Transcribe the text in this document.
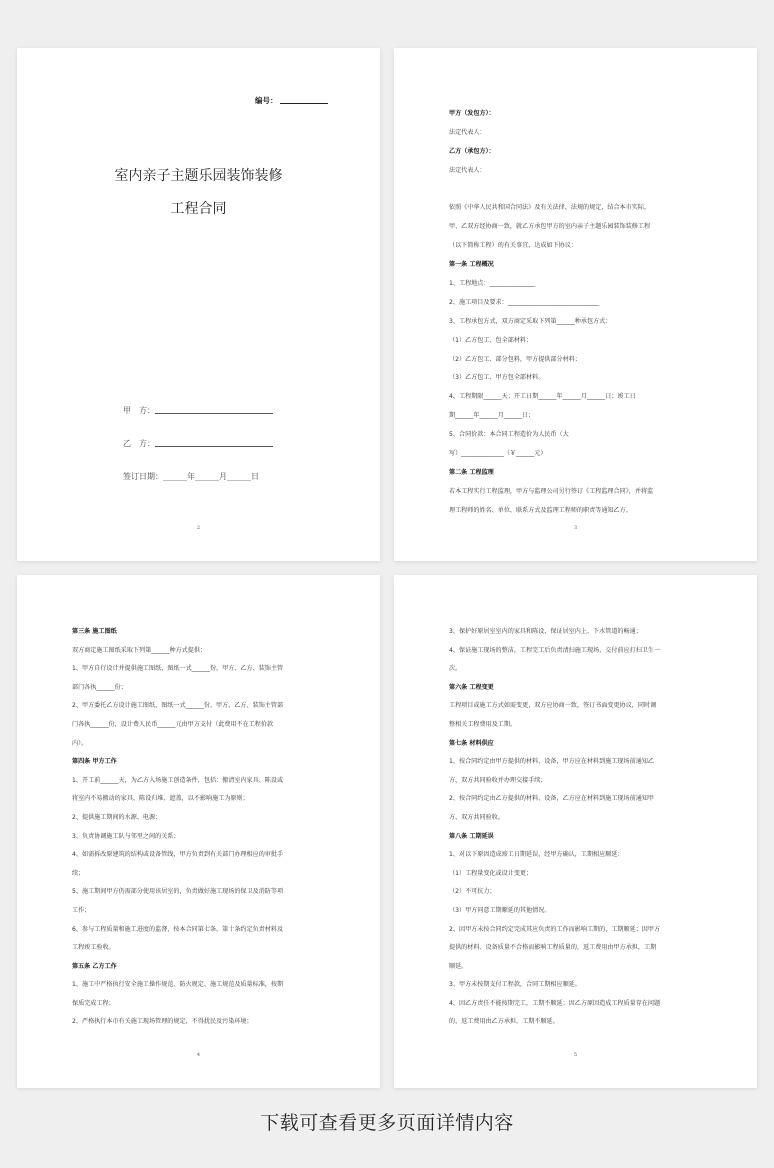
编号：
室内亲子主题乐园装饰装修
工程合同
甲　方：
乙　方：
签订日期：______年______月______日
2
甲方（发包方）：
法定代表人：
乙方（承包方）：
法定代表人：
依照《中华人民共和国合同法》及有关法律、法规的规定，结合本市实际，
甲、乙双方经协商一致，就乙方承包甲方的室内亲子主题乐园装饰装修工程
（以下简称工程）的有关事宜，达成如下协议：
第一条 工程概况
1、工程地点：_______________
2、施工项目及要求：______________________________
3、工程承包方式，双方商定采取下列第______种承包方式：
（1）乙方包工、包全部材料；
（2）乙方包工、部分包料，甲方提供部分材料；
（3）乙方包工、甲方包全部材料。
4、工程期限______天；开工日期______年______月______日；竣工日
期______年______月______日；
5、合同价款：本合同工程造价为人民币（大
写）______________（￥______元）
第二条 工程监理
若本工程实行工程监理，甲方与监理公司另行签订《工程监理合同》，并将监
理工程师的姓名、单位、联系方式及监理工程师的职责等通知乙方。
3
第三条 施工图纸
双方商定施工图纸采取下列第______种方式提供：
1、甲方自行设计并提供施工图纸，图纸一式______份，甲方、乙方、装饰主管
部门各执______份；
2、甲方委托乙方设计施工图纸，图纸一式______份，甲方、乙方、装饰主管部
门各执______份，设计费人民币______元由甲方支付（此费用不在工程价款
内）。
第四条 甲方工作
1、开工前______天，为乙方入场施工创造条件，包括：搬清室内家具、陈设或
将室内不易搬动的家具、陈设归堆、遮盖，以不影响施工为原则；
2、提供施工期间的水源、电源；
3、负责协调施工队与邻里之间的关系；
4、如需拆改原建筑的结构或设备管线，甲方负责到有关部门办理相应的审批手
续；
5、施工期间甲方仍需部分使用该居室的，负责做好施工现场的保卫及消防等项
工作；
6、参与工程质量和施工进度的监督，按本合同第七条、第十条约定负责材料及
工程竣工验收。
第五条 乙方工作
1、施工中严格执行安全施工操作规范、防火规定、施工规范及质量标准，按期
保质完成工程；
2、严格执行本市有关施工现场管理的规定，不得扰民及污染环境；
4
3、保护好原居室室内的家具和陈设，保证居室内上、下水管道的畅通；
4、保证施工现场的整洁，工程完工后负责清扫施工现场，交付前应打扫卫生一
次。
第六条 工程变更
工程项目或施工方式如需变更，双方应协商一致，签订书面变更协议，同时调
整相关工程费用及工期。
第七条 材料供应
1、按合同约定由甲方提供的材料、设备，甲方应在材料到施工现场前通知乙
方，双方共同验收并办理交接手续；
2、按合同约定由乙方提供的材料、设备，乙方应在材料到施工现场前通知甲
方，双方共同验收。
第八条 工期延误
1、对以下原因造成竣工日期延误，经甲方确认，工期相应顺延：
（1）工程量变化或设计变更；
（2）不可抗力；
（3）甲方同意工期顺延的其他情况。
2、因甲方未按合同约定完成其应负责的工作而影响工期的，工期顺延；因甲方
提供的材料、设备质量不合格而影响工程质量的，返工费用由甲方承担，工期
顺延。
3、甲方未按期支付工程款，合同工期相应顺延。
4、因乙方责任不能按期完工，工期不顺延；因乙方原因造成工程质量存在问题
的，返工费用由乙方承担，工期不顺延。
5
下载可查看更多页面详情内容
